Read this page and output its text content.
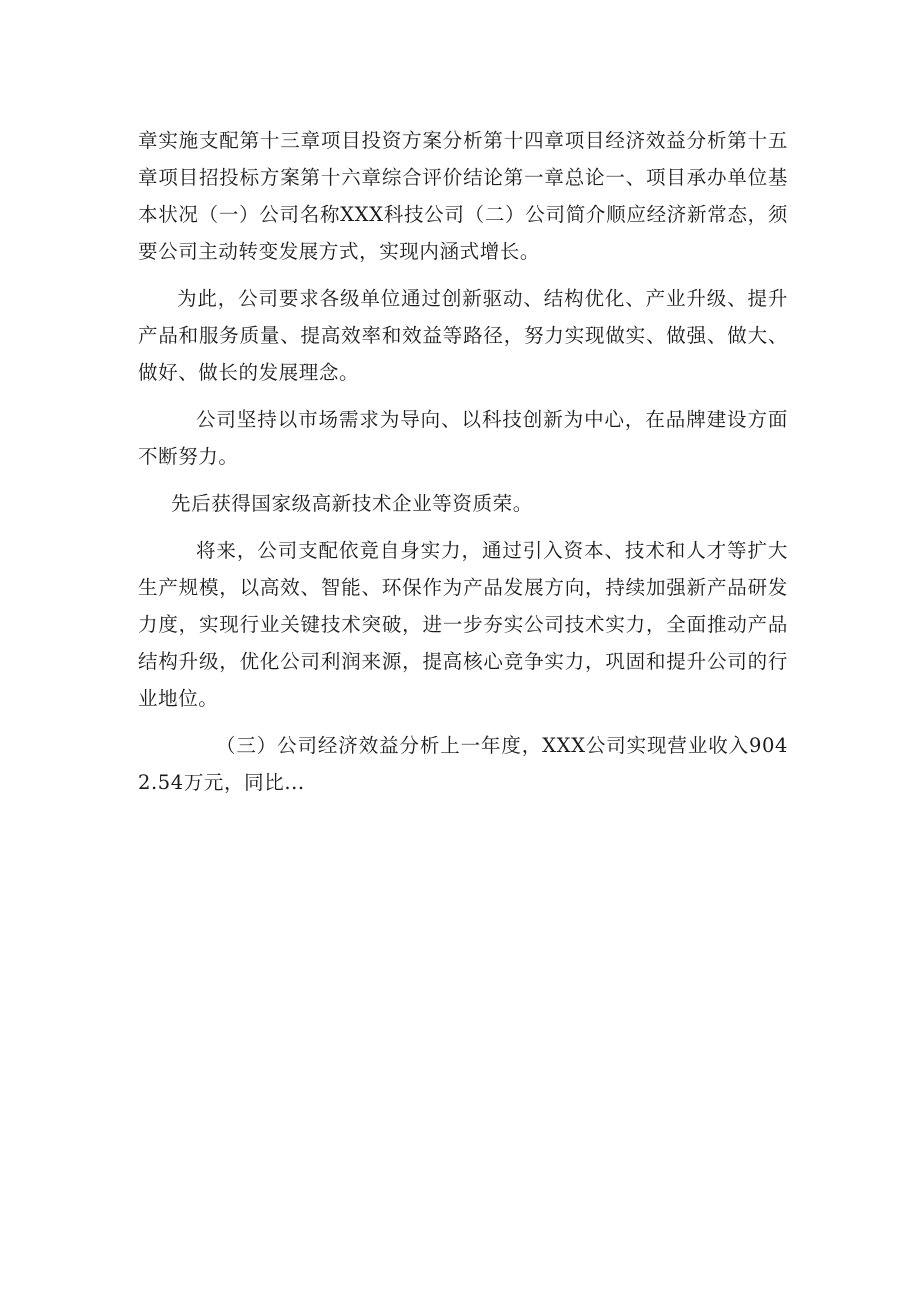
章实施支配第十三章项目投资方案分析第十四章项目经济效益分析第十五章项目招投标方案第十六章综合评价结论第一章总论一、项目承办单位基本状况（一）公司名称XXX科技公司（二）公司简介顺应经济新常态，须要公司主动转变发展方式，实现内涵式增长。

为此，公司要求各级单位通过创新驱动、结构优化、产业升级、提升产品和服务质量、提高效率和效益等路径，努力实现做实、做强、做大、做好、做长的发展理念。

公司坚持以市场需求为导向、以科技创新为中心，在品牌建设方面不断努力。

先后获得国家级高新技术企业等资质荣。

将来，公司支配依竟自身实力，通过引入资本、技术和人才等扩大生产规模，以高效、智能、环保作为产品发展方向，持续加强新产品研发力度，实现行业关键技术突破，进一步夯实公司技术实力，全面推动产品结构升级，优化公司利润来源，提高核心竞争实力，巩固和提升公司的行业地位。

（三）公司经济效益分析上一年度，XXX公司实现营业收入9042.54万元，同比...
